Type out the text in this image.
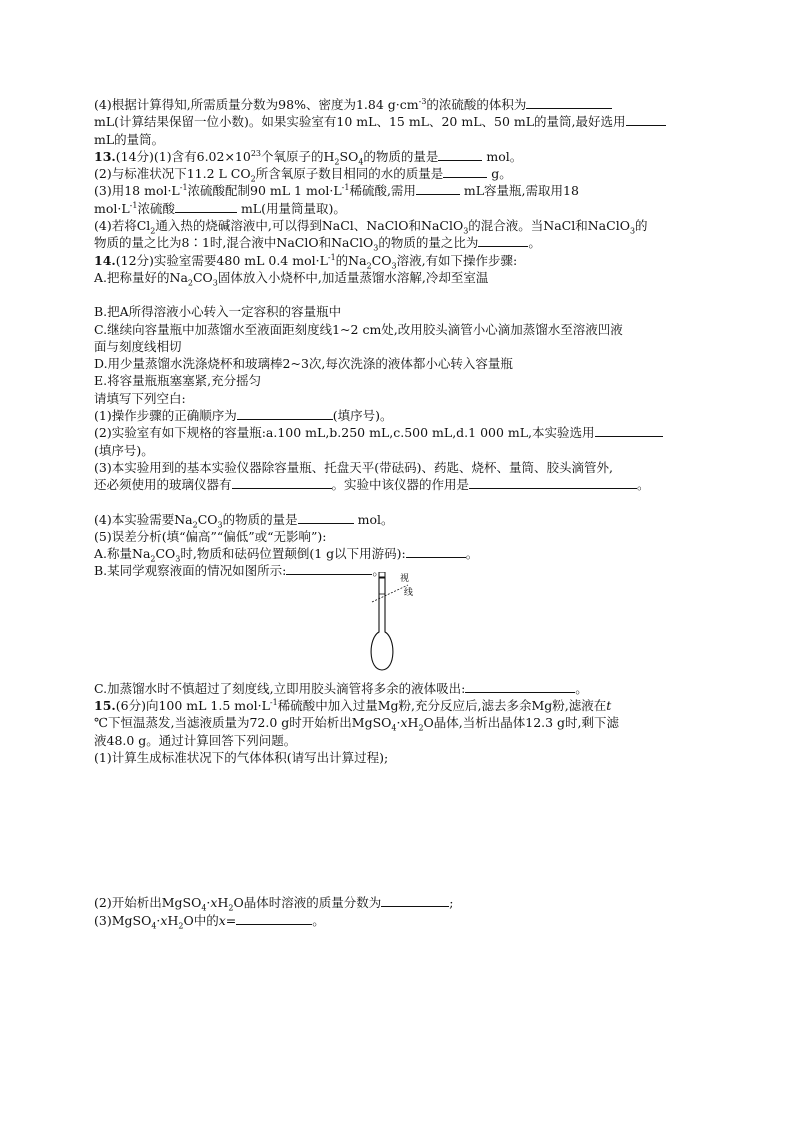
(4)根据计算得知,所需质量分数为98%、密度为1.84 $g\cdot cm^{-3}$的浓硫酸的体积为
mL(计算结果保留一位小数)。如果实验室有10 mL、15 mL、20 mL、50 mL的量筒,最好选用
mL的量筒。
13.(14分)(1)含有$6.02\times 10^{23}$个氧原子的$H_2SO_4$的物质的量是	mol。
(2)与标准状况下11.2 L $CO_2$所含氧原子数目相同的水的质量是	g。
(3)用18 $mol\cdot L^{-1}$浓硫酸配制90 mL 1 $mol\cdot L^{-1}$稀硫酸,需用	mL容量瓶,需取用18
$mol\cdot L^{-1}$浓硫酸	mL(用量筒量取)。
(4)若将$Cl_2$通入热的烧碱溶液中,可以得到NaCl、NaClO和NaClO$_3$的混合液。当NaCl和NaClO$_3$的
物质的量之比为8∶1时,混合液中NaClO和NaClO$_3$的物质的量之比为	。
14.(12分)实验室需要480 mL 0.4 $mol\cdot L^{-1}$的$Na_2CO_3$溶液,有如下操作步骤:
A.把称量好的$Na_2CO_3$固体放入小烧杯中,加适量蒸馏水溶解,冷却至室温
B.把A所得溶液小心转入一定容积的容量瓶中
C.继续向容量瓶中加蒸馏水至液面距刻度线1~2 cm处,改用胶头滴管小心滴加蒸馏水至溶液凹液
面与刻度线相切
D.用少量蒸馏水洗涤烧杯和玻璃棒2~3次,每次洗涤的液体都小心转入容量瓶
E.将容量瓶瓶塞塞紧,充分摇匀
请填写下列空白:
(1)操作步骤的正确顺序为	(填序号)。
(2)实验室有如下规格的容量瓶:a.100 mL,b.250 mL,c.500 mL,d.1 000 mL,本实验选用
(填序号)。
(3)本实验用到的基本实验仪器除容量瓶、托盘天平(带砝码)、药匙、烧杯、量筒、胶头滴管外,
还必须使用的玻璃仪器有	。实验中该仪器的作用是	。
(4)本实验需要$Na_2CO_3$的物质的量是	mol。
(5)误差分析(填“偏高”“偏低”或“无影响”):
A.称量$Na_2CO_3$时,物质和砝码位置颠倒(1 g以下用游码):	。
B.某同学观察液面的情况如图所示:	。
视
线
C.加蒸馏水时不慎超过了刻度线,立即用胶头滴管将多余的液体吸出:	。
15.(6分)向100 mL 1.5 $mol\cdot L^{-1}$稀硫酸中加入过量Mg粉,充分反应后,滤去多余Mg粉,滤液在t
℃下恒温蒸发,当滤液质量为72.0 g时开始析出$MgSO_4\cdot xH_2O$晶体,当析出晶体12.3 g时,剩下滤
液48.0 g。通过计算回答下列问题。
(1)计算生成标准状况下的气体体积(请写出计算过程);
(2)开始析出$MgSO_4\cdot xH_2O$晶体时溶液的质量分数为	;
$(3)MgSO_4\cdot xH_2O$中的x=	。
